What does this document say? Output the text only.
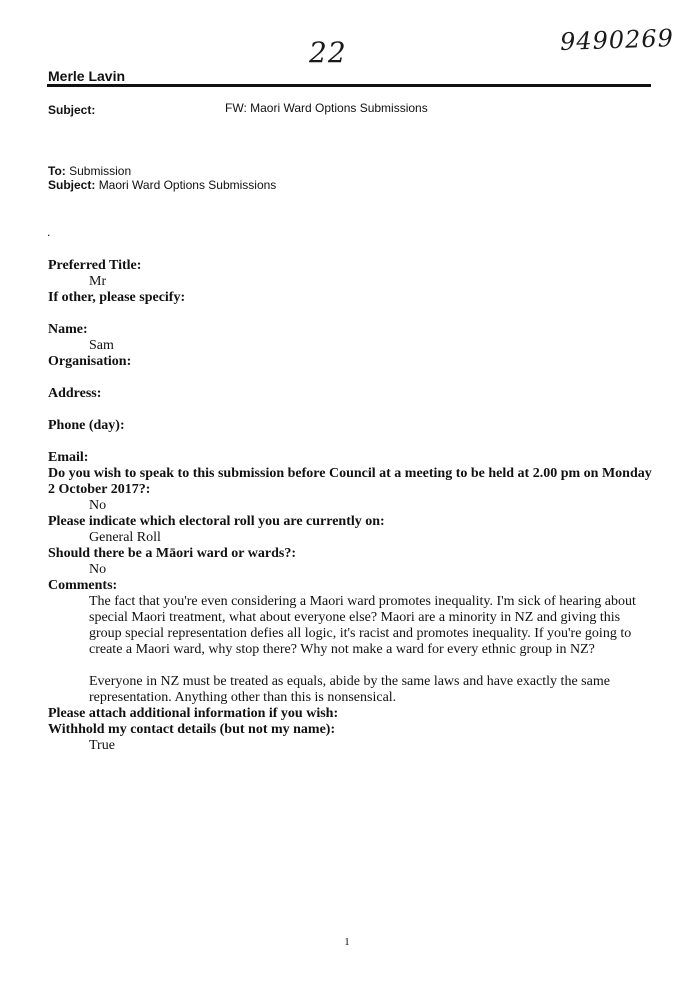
22	9490269
Merle Lavin
Subject:	FW: Maori Ward Options Submissions
To: Submission
Subject: Maori Ward Options Submissions
.
Preferred Title:
Mr
If other, please specify:
Name:
Sam
Organisation:
Address:
Phone (day):
Email:
Do you wish to speak to this submission before Council at a meeting to be held at 2.00 pm on Monday 2 October 2017?:
No
Please indicate which electoral roll you are currently on:
General Roll
Should there be a Māori ward or wards?:
No
Comments:
The fact that you're even considering a Maori ward promotes inequality. I'm sick of hearing about special Maori treatment, what about everyone else? Maori are a minority in NZ and giving this group special representation defies all logic, it's racist and promotes inequality. If you're going to create a Maori ward, why stop there? Why not make a ward for every ethnic group in NZ?
Everyone in NZ must be treated as equals, abide by the same laws and have exactly the same representation. Anything other than this is nonsensical.
Please attach additional information if you wish:
Withhold my contact details (but not my name):
True
1
